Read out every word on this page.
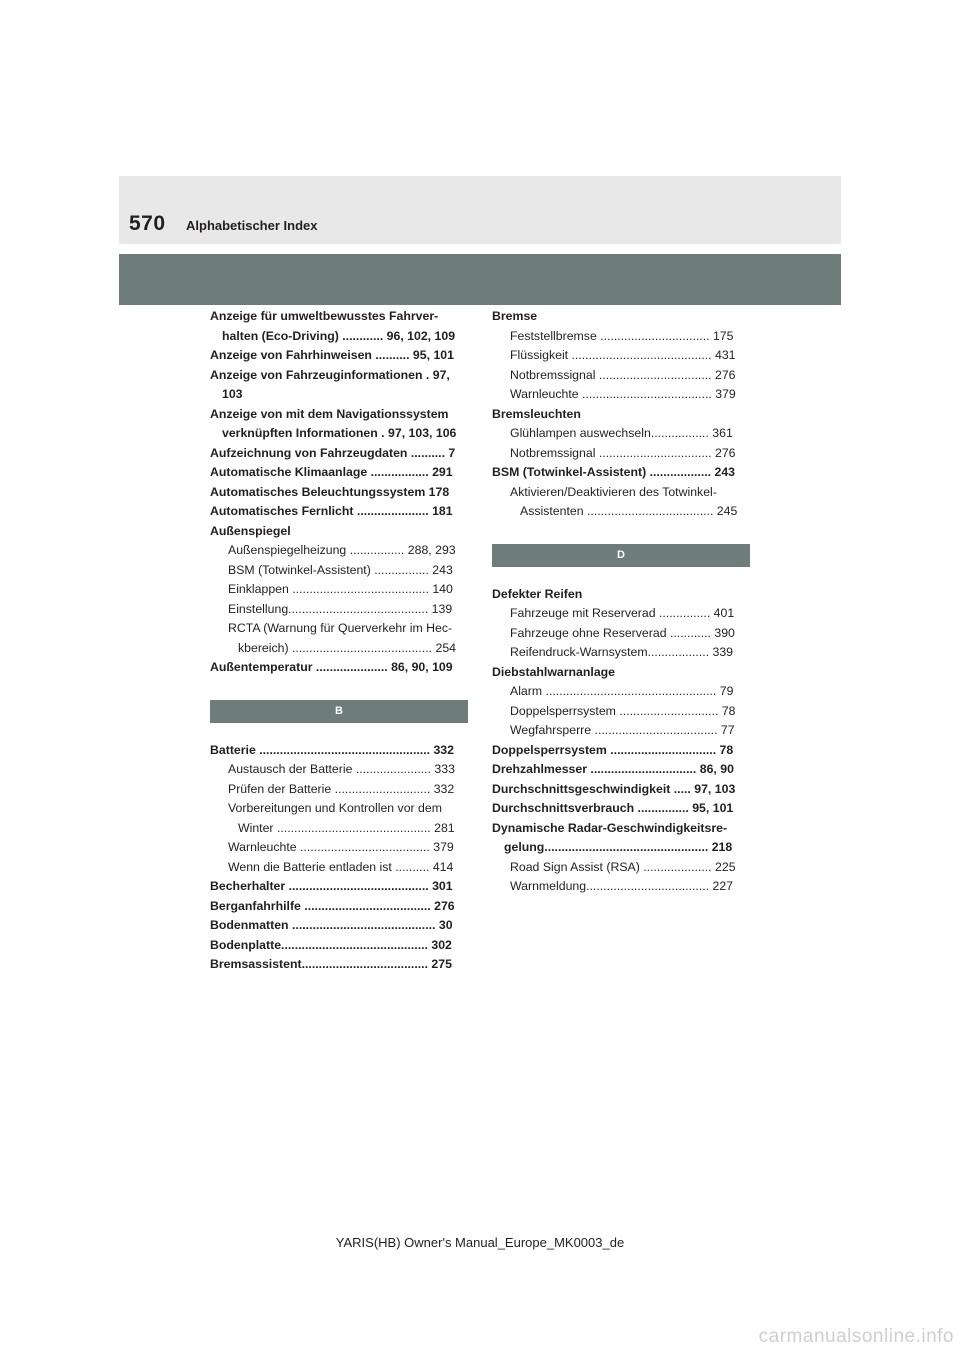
570 Alphabetischer Index
Anzeige für umweltbewusstes Fahrver-
halten (Eco-Driving) ............ 96, 102, 109
Anzeige von Fahrhinweisen .......... 95, 101
Anzeige von Fahrzeuginformationen . 97,
103
Anzeige von mit dem Navigationssystem
verknüpften Informationen . 97, 103, 106
Aufzeichnung von Fahrzeugdaten .......... 7
Automatische Klimaanlage ................. 291
Automatisches Beleuchtungssystem 178
Automatisches Fernlicht ..................... 181
Außenspiegel
Außenspiegelheizung ................ 288, 293
BSM (Totwinkel-Assistent) ................ 243
Einklappen ........................................ 140
Einstellung......................................... 139
RCTA (Warnung für Querverkehr im Hec-
kbereich) ......................................... 254
Außentemperatur ..................... 86, 90, 109
B
Batterie .................................................. 332
Austausch der Batterie ...................... 333
Prüfen der Batterie ............................ 332
Vorbereitungen und Kontrollen vor dem
Winter ............................................. 281
Warnleuchte ...................................... 379
Wenn die Batterie entladen ist .......... 414
Becherhalter ......................................... 301
Berganfahrhilfe ..................................... 276
Bodenmatten .......................................... 30
Bodenplatte........................................... 302
Bremsassistent..................................... 275
Bremse
Feststellbremse ................................ 175
Flüssigkeit ......................................... 431
Notbremssignal ................................. 276
Warnleuchte ...................................... 379
Bremsleuchten
Glühlampen auswechseln................. 361
Notbremssignal ................................. 276
BSM (Totwinkel-Assistent) .................. 243
Aktivieren/Deaktivieren des Totwinkel-
Assistenten ..................................... 245
D
Defekter Reifen
Fahrzeuge mit Reserverad ............... 401
Fahrzeuge ohne Reserverad ............ 390
Reifendruck-Warnsystem.................. 339
Diebstahlwarnanlage
Alarm .................................................. 79
Doppelsperrsystem ............................. 78
Wegfahrsperre .................................... 77
Doppelsperrsystem ............................... 78
Drehzahlmesser ............................... 86, 90
Durchschnittsgeschwindigkeit ..... 97, 103
Durchschnittsverbrauch ............... 95, 101
Dynamische Radar-Geschwindigkeitsre-
gelung................................................ 218
Road Sign Assist (RSA) .................... 225
Warnmeldung.................................... 227
YARIS(HB) Owner's Manual_Europe_MK0003_de
carmanualsonline.info
